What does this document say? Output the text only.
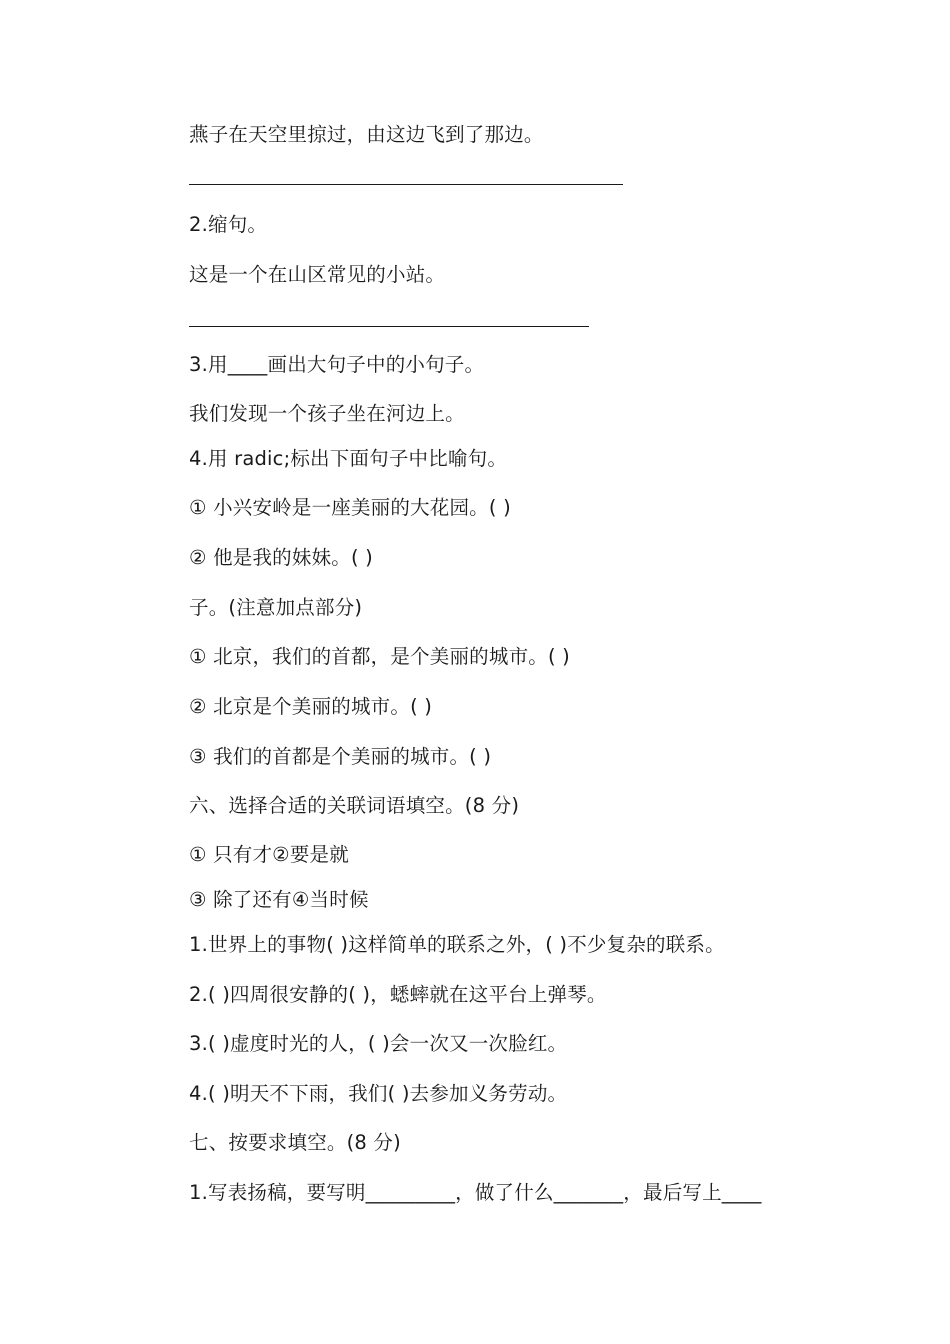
燕子在天空里掠过，由这边飞到了那边。
2.缩句。
这是一个在山区常见的小站。
3.用____画出大句子中的小句子。
我们发现一个孩子坐在河边上。
4.用 radic;标出下面句子中比喻句。
① 小兴安岭是一座美丽的大花园。( )
② 他是我的妹妹。( )
子。(注意加点部分)
① 北京，我们的首都，是个美丽的城市。( )
② 北京是个美丽的城市。( )
③ 我们的首都是个美丽的城市。( )
六、选择合适的关联词语填空。(8 分)
① 只有才②要是就
③ 除了还有④当时候
1.世界上的事物( )这样简单的联系之外，( )不少复杂的联系。
2.( )四周很安静的( )，蟋蟀就在这平台上弹琴。
3.( )虚度时光的人，( )会一次又一次脸红。
4.( )明天不下雨，我们( )去参加义务劳动。
七、按要求填空。(8 分)
1.写表扬稿，要写明_________，做了什么_______，最后写上____
